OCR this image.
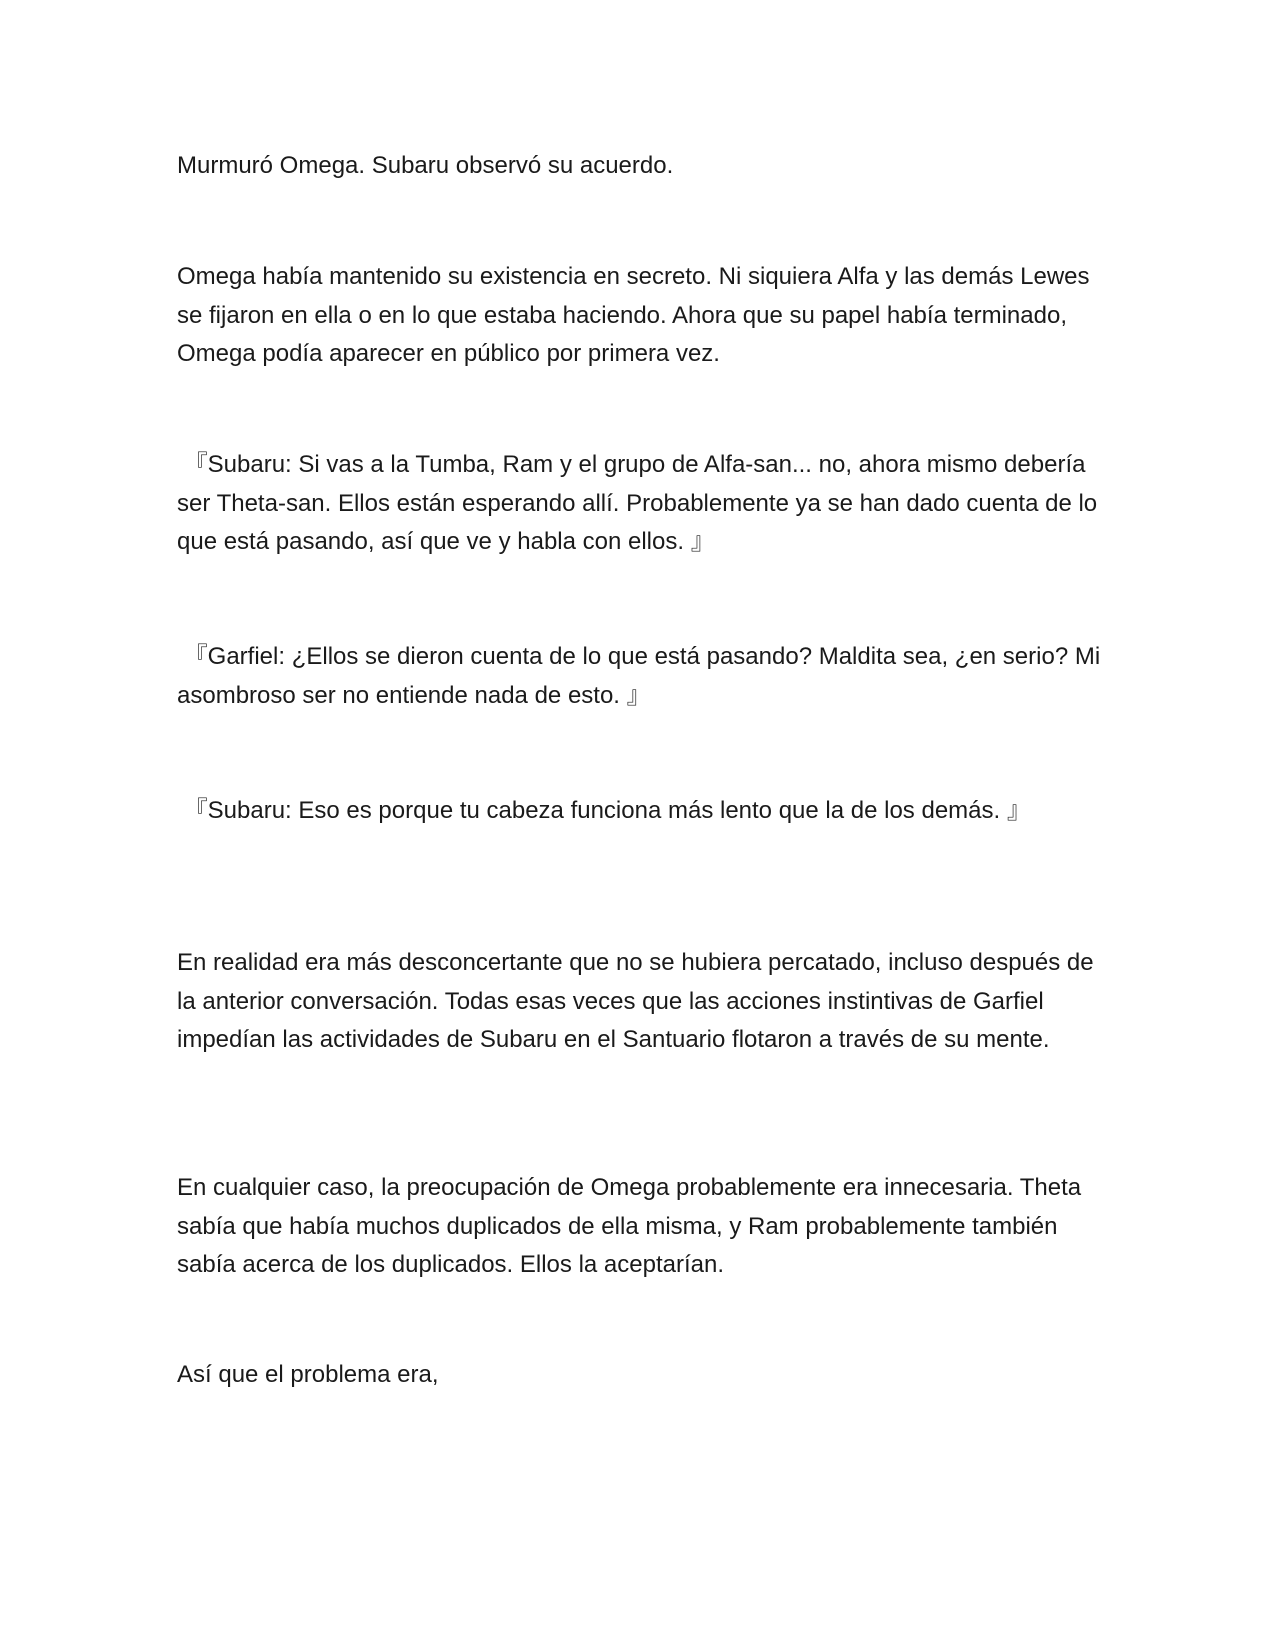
Murmuró Omega. Subaru observó su acuerdo.

Omega había mantenido su existencia en secreto. Ni siquiera Alfa y las demás Lewes se fijaron en ella o en lo que estaba haciendo. Ahora que su papel había terminado, Omega podía aparecer en público por primera vez.

『Subaru: Si vas a la Tumba, Ram y el grupo de Alfa-san... no, ahora mismo debería ser Theta-san. Ellos están esperando allí. Probablemente ya se han dado cuenta de lo que está pasando, así que ve y habla con ellos. 』

『Garfiel: ¿Ellos se dieron cuenta de lo que está pasando? Maldita sea, ¿en serio? Mi asombroso ser no entiende nada de esto. 』

『Subaru: Eso es porque tu cabeza funciona más lento que la de los demás. 』

En realidad era más desconcertante que no se hubiera percatado, incluso después de la anterior conversación. Todas esas veces que las acciones instintivas de Garfiel impedían las actividades de Subaru en el Santuario flotaron a través de su mente.

En cualquier caso, la preocupación de Omega probablemente era innecesaria. Theta sabía que había muchos duplicados de ella misma, y Ram probablemente también sabía acerca de los duplicados. Ellos la aceptarían.

Así que el problema era,
